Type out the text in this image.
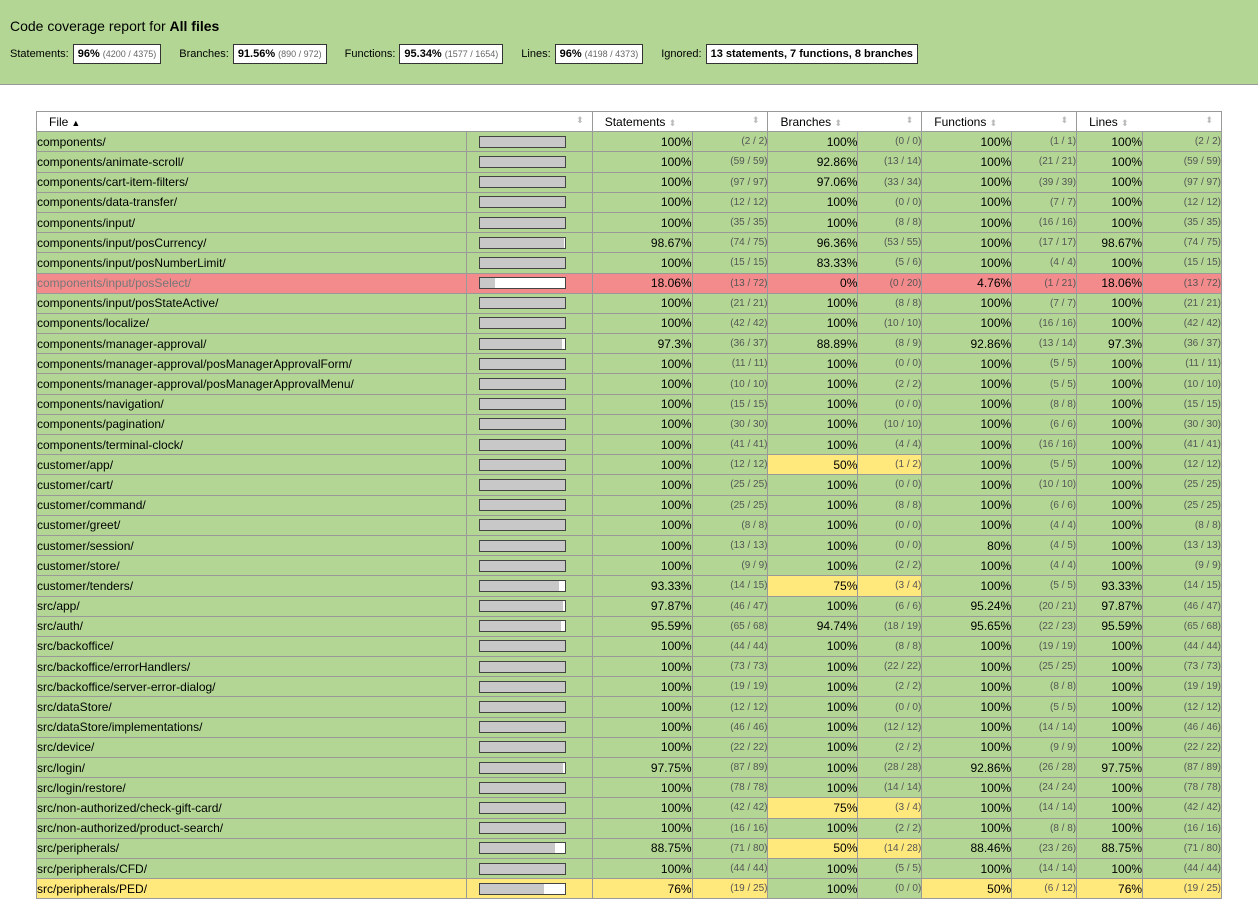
Code coverage report for All files
Statements: 96% (4200 / 4375) Branches: 91.56% (890 / 972) Functions: 95.34% (1577 / 1654) Lines: 96% (4198 / 4373) Ignored: 13 statements, 7 functions, 8 branches
File ▲ ⬍		Statements ⬍ ⬍		Branches ⬍ ⬍		Functions ⬍ ⬍		Lines ⬍ ⬍	

components/		100%	(2 / 2)	100%	(0 / 0)	100%	(1 / 1)	100%	(2 / 2)
components/animate-scroll/		100%	(59 / 59)	92.86%	(13 / 14)	100%	(21 / 21)	100%	(59 / 59)
components/cart-item-filters/		100%	(97 / 97)	97.06%	(33 / 34)	100%	(39 / 39)	100%	(97 / 97)
components/data-transfer/		100%	(12 / 12)	100%	(0 / 0)	100%	(7 / 7)	100%	(12 / 12)
components/input/		100%	(35 / 35)	100%	(8 / 8)	100%	(16 / 16)	100%	(35 / 35)
components/input/posCurrency/		98.67%	(74 / 75)	96.36%	(53 / 55)	100%	(17 / 17)	98.67%	(74 / 75)
components/input/posNumberLimit/		100%	(15 / 15)	83.33%	(5 / 6)	100%	(4 / 4)	100%	(15 / 15)
components/input/posSelect/		18.06%	(13 / 72)	0%	(0 / 20)	4.76%	(1 / 21)	18.06%	(13 / 72)
components/input/posStateActive/		100%	(21 / 21)	100%	(8 / 8)	100%	(7 / 7)	100%	(21 / 21)
components/localize/		100%	(42 / 42)	100%	(10 / 10)	100%	(16 / 16)	100%	(42 / 42)
components/manager-approval/		97.3%	(36 / 37)	88.89%	(8 / 9)	92.86%	(13 / 14)	97.3%	(36 / 37)
components/manager-approval/posManagerApprovalForm/		100%	(11 / 11)	100%	(0 / 0)	100%	(5 / 5)	100%	(11 / 11)
components/manager-approval/posManagerApprovalMenu/		100%	(10 / 10)	100%	(2 / 2)	100%	(5 / 5)	100%	(10 / 10)
components/navigation/		100%	(15 / 15)	100%	(0 / 0)	100%	(8 / 8)	100%	(15 / 15)
components/pagination/		100%	(30 / 30)	100%	(10 / 10)	100%	(6 / 6)	100%	(30 / 30)
components/terminal-clock/		100%	(41 / 41)	100%	(4 / 4)	100%	(16 / 16)	100%	(41 / 41)
customer/app/		100%	(12 / 12)	50%	(1 / 2)	100%	(5 / 5)	100%	(12 / 12)
customer/cart/		100%	(25 / 25)	100%	(0 / 0)	100%	(10 / 10)	100%	(25 / 25)
customer/command/		100%	(25 / 25)	100%	(8 / 8)	100%	(6 / 6)	100%	(25 / 25)
customer/greet/		100%	(8 / 8)	100%	(0 / 0)	100%	(4 / 4)	100%	(8 / 8)
customer/session/		100%	(13 / 13)	100%	(0 / 0)	80%	(4 / 5)	100%	(13 / 13)
customer/store/		100%	(9 / 9)	100%	(2 / 2)	100%	(4 / 4)	100%	(9 / 9)
customer/tenders/		93.33%	(14 / 15)	75%	(3 / 4)	100%	(5 / 5)	93.33%	(14 / 15)
src/app/		97.87%	(46 / 47)	100%	(6 / 6)	95.24%	(20 / 21)	97.87%	(46 / 47)
src/auth/		95.59%	(65 / 68)	94.74%	(18 / 19)	95.65%	(22 / 23)	95.59%	(65 / 68)
src/backoffice/		100%	(44 / 44)	100%	(8 / 8)	100%	(19 / 19)	100%	(44 / 44)
src/backoffice/errorHandlers/		100%	(73 / 73)	100%	(22 / 22)	100%	(25 / 25)	100%	(73 / 73)
src/backoffice/server-error-dialog/		100%	(19 / 19)	100%	(2 / 2)	100%	(8 / 8)	100%	(19 / 19)
src/dataStore/		100%	(12 / 12)	100%	(0 / 0)	100%	(5 / 5)	100%	(12 / 12)
src/dataStore/implementations/		100%	(46 / 46)	100%	(12 / 12)	100%	(14 / 14)	100%	(46 / 46)
src/device/		100%	(22 / 22)	100%	(2 / 2)	100%	(9 / 9)	100%	(22 / 22)
src/login/		97.75%	(87 / 89)	100%	(28 / 28)	92.86%	(26 / 28)	97.75%	(87 / 89)
src/login/restore/		100%	(78 / 78)	100%	(14 / 14)	100%	(24 / 24)	100%	(78 / 78)
src/non-authorized/check-gift-card/		100%	(42 / 42)	75%	(3 / 4)	100%	(14 / 14)	100%	(42 / 42)
src/non-authorized/product-search/		100%	(16 / 16)	100%	(2 / 2)	100%	(8 / 8)	100%	(16 / 16)
src/peripherals/		88.75%	(71 / 80)	50%	(14 / 28)	88.46%	(23 / 26)	88.75%	(71 / 80)
src/peripherals/CFD/		100%	(44 / 44)	100%	(5 / 5)	100%	(14 / 14)	100%	(44 / 44)
src/peripherals/PED/		76%	(19 / 25)	100%	(0 / 0)	50%	(6 / 12)	76%	(19 / 25)
